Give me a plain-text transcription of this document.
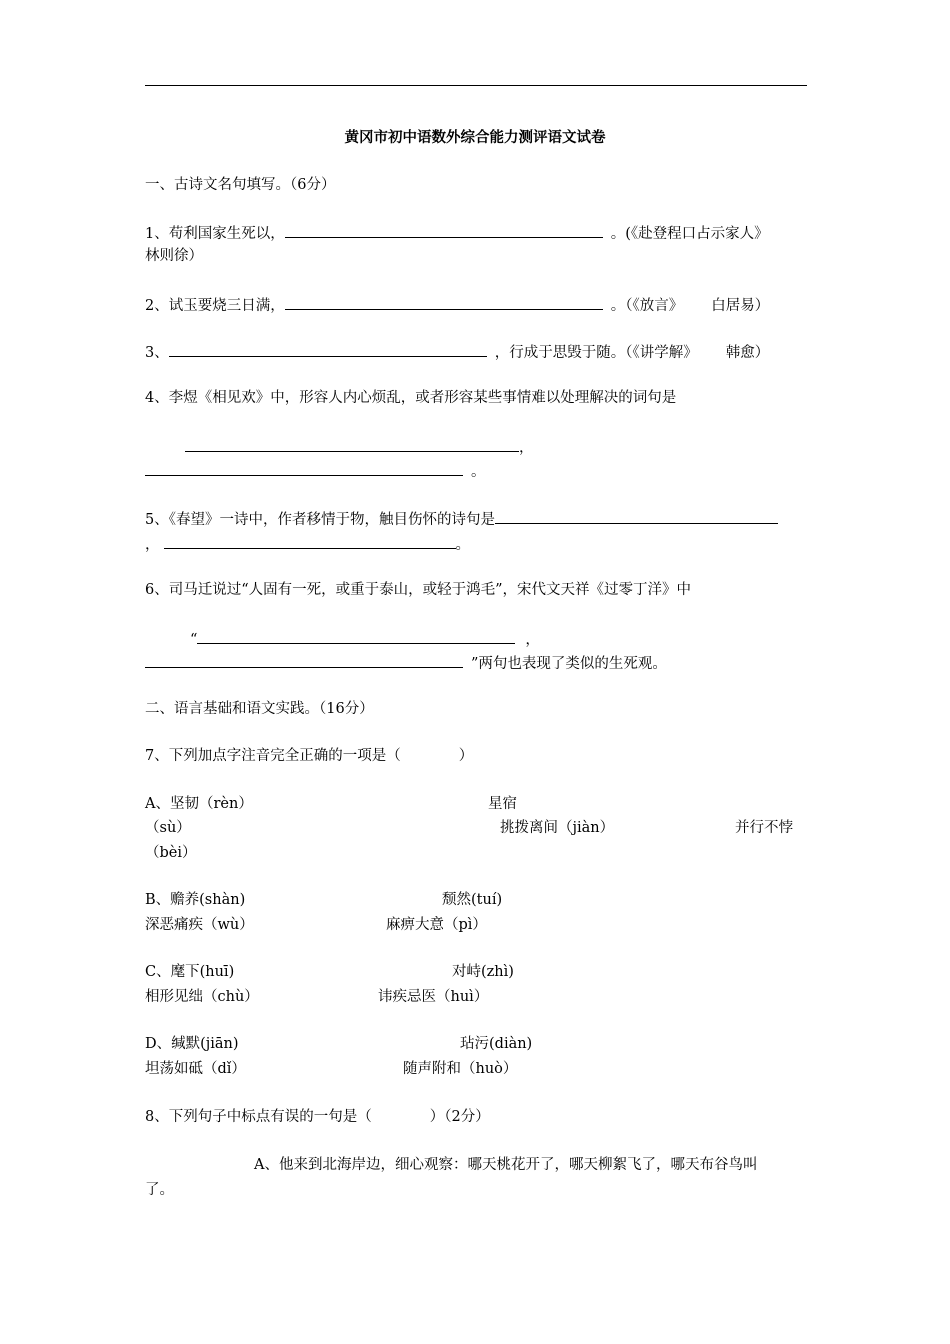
黄冈市初中语数外综合能力测评语文试卷
一、古诗文名句填写。（6分）
1、苟利国家生死以，	。(《赴登程口占示家人》
林则徐）
2、试玉要烧三日满，	。（《放言》 白居易）
3、	，行成于思毁于随。（《讲学解》 韩愈）
4、李煜《相见欢》中，形容人内心烦乱，或者形容某些事情难以处理解决的词句是
，
。
5、《春望》一诗中，作者移情于物，触目伤怀的诗句是
，	。
6、司马迁说过“人固有一死，或重于泰山，或轻于鸿毛”，宋代文天祥《过零丁洋》中
“	，
”两句也表现了类似的生死观。
二、语言基础和语文实践。（16分）
7、下列加点字注音完全正确的一项是（　　　　）
A、坚韧（rèn）	星宿
（sù）	挑拨离间（jiàn）	并行不悖
（bèi）
B、赡养(shàn)	颓然(tuí)
深恶痛疾（wù）	麻痹大意（pì）
C、麾下(huī)	对峙(zhì)
相形见绌（chù）	讳疾忌医（huì）
D、缄默(jiān)	玷污(diàn)
坦荡如砥（dǐ）	随声附和（huò）
8、下列句子中标点有误的一句是（　　　　）（2分）
A、他来到北海岸边，细心观察：哪天桃花开了，哪天柳絮飞了，哪天布谷鸟叫
了。
